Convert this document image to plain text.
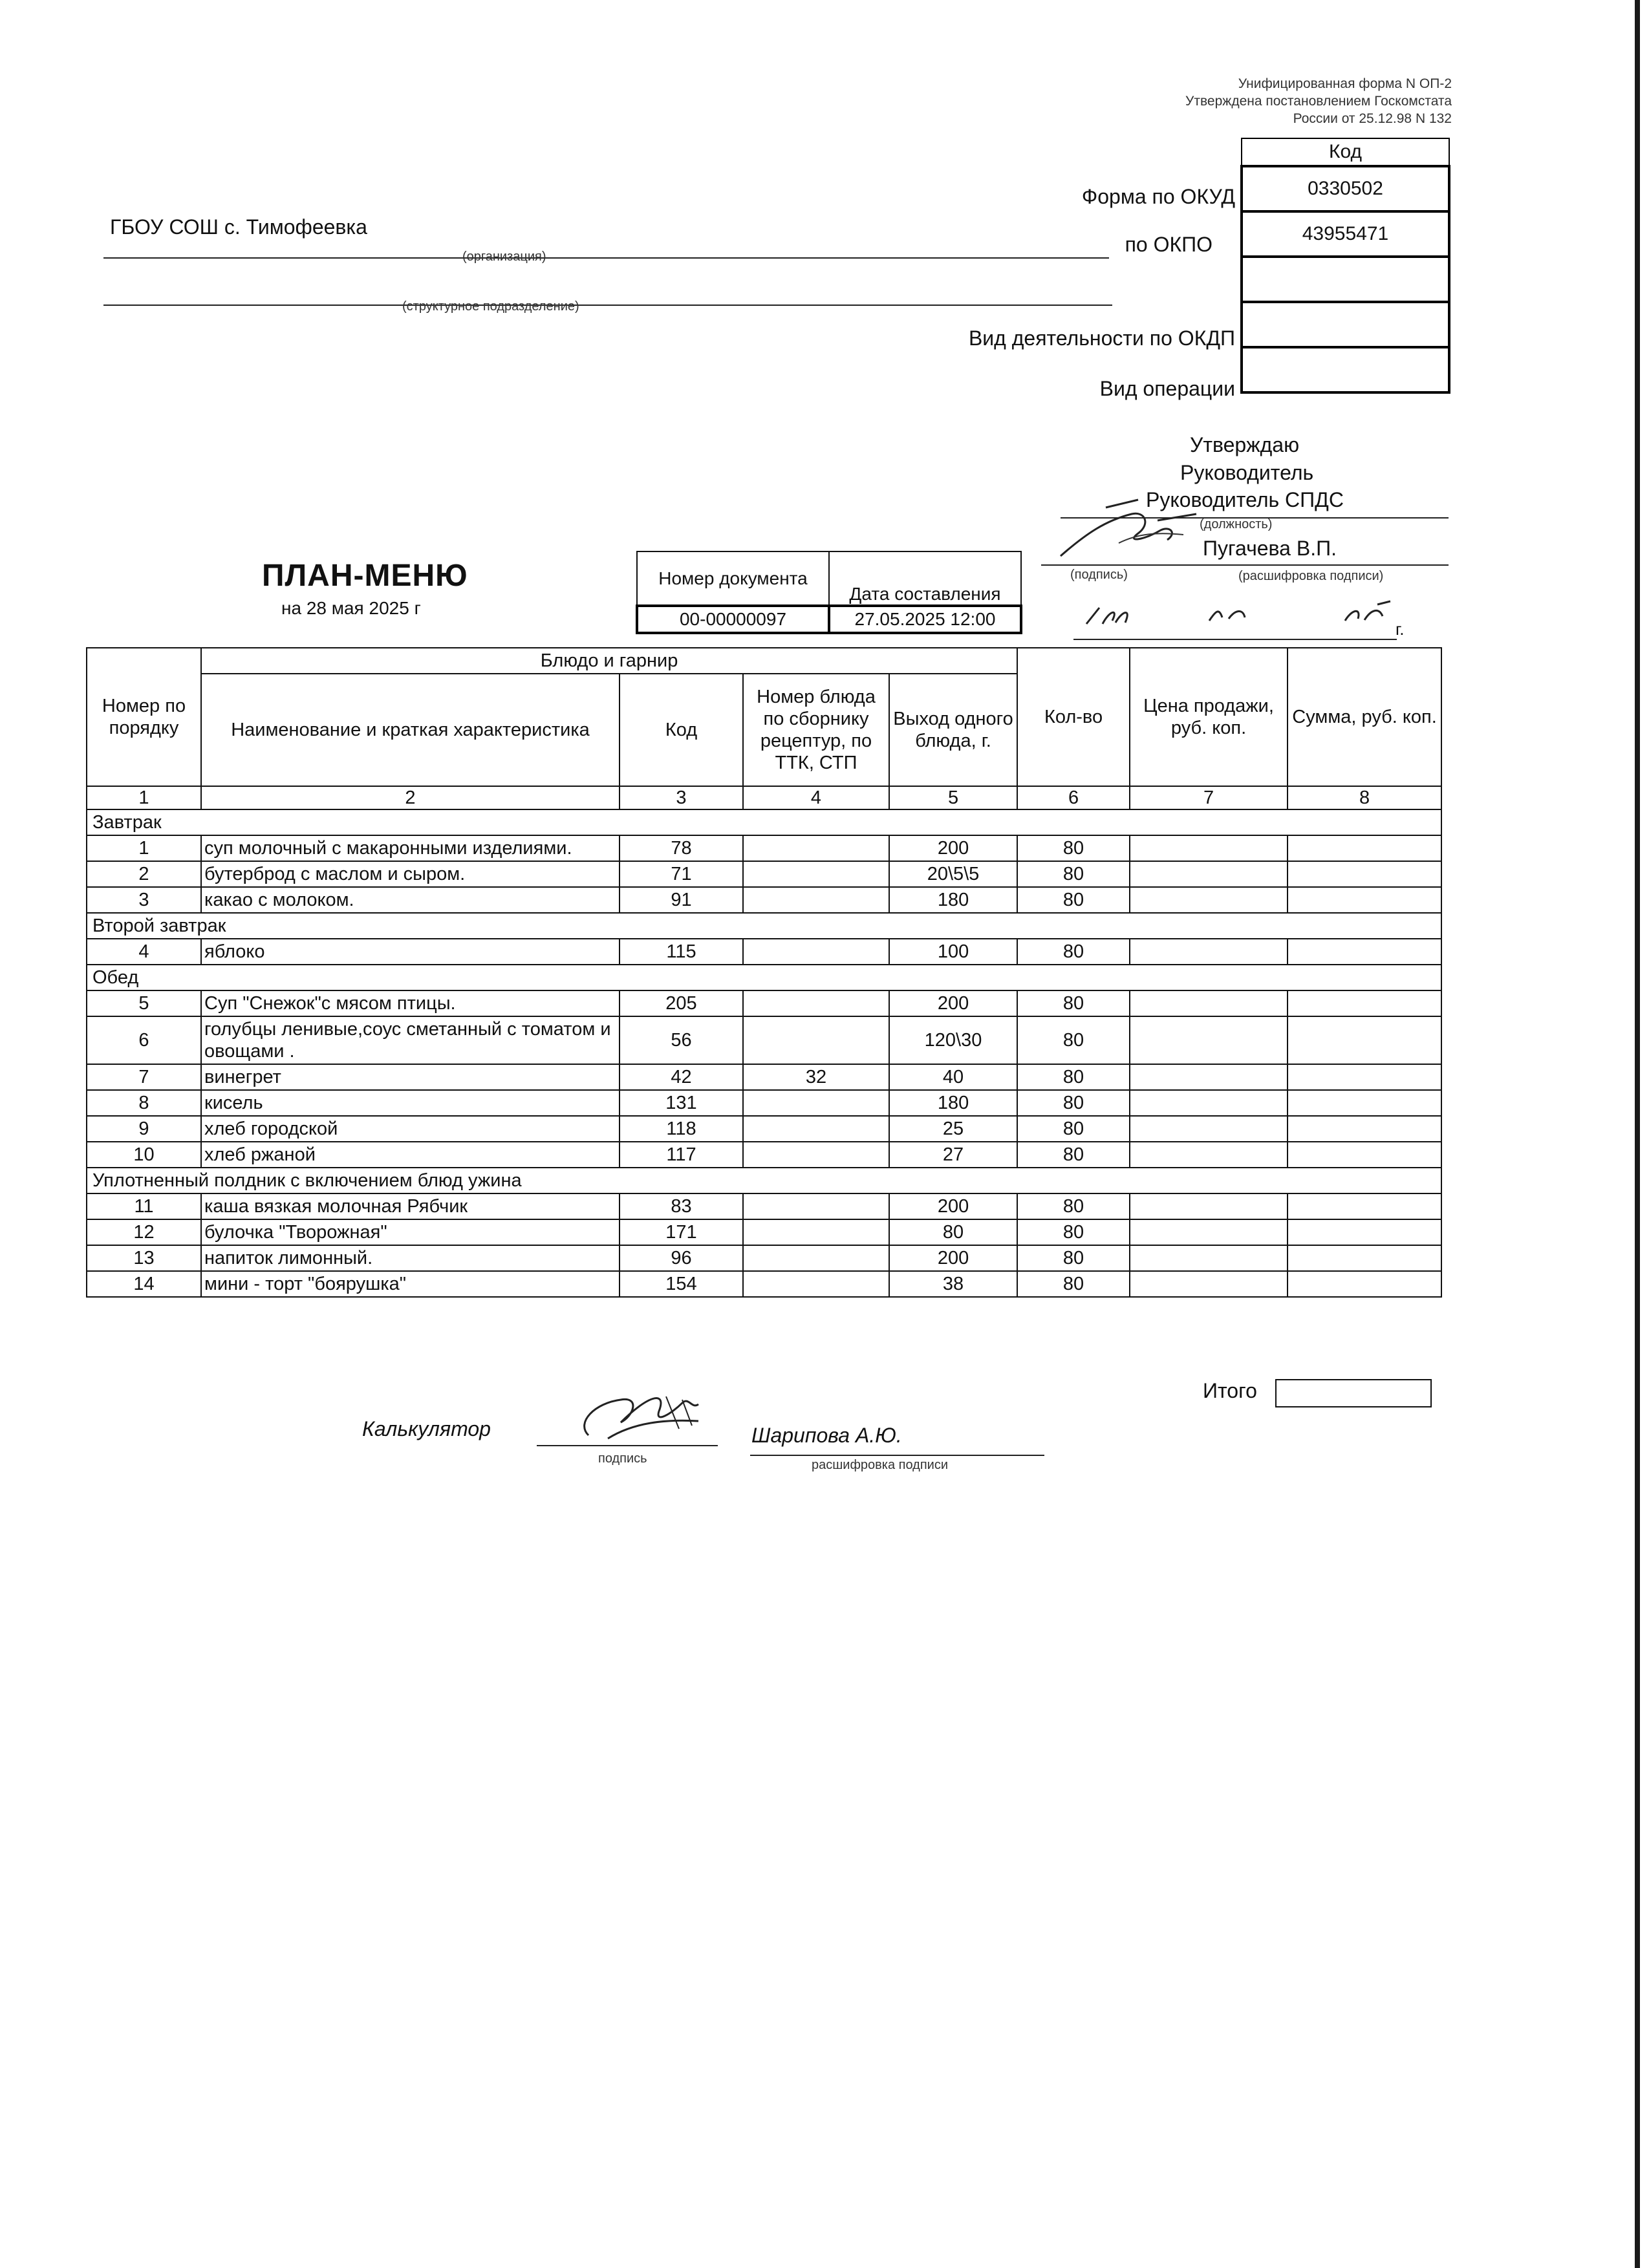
Унифицированная форма N ОП-2
Утверждена постановлением Госкомстата
России от 25.12.98 N 132
Код
0330502
43955471

Форма по ОКУД
по ОКПО
Вид деятельности по ОКДП
Вид операции
ГБОУ СОШ с. Тимофеевка
(организация)
(структурное подразделение)
Утверждаю
Руководитель
Руководитель СПДС
(должность)
Пугачева В.П.
(подпись)	(расшифровка подписи)
г.
ПЛАН-МЕНЮ
на 28 мая 2025 г
Номер документа	Дата составления
00-00000097	27.05.2025 12:00
Номер по порядку	Блюдо и гарнир				Кол-во	Цена продажи, руб. коп.	Сумма, руб. коп.
	Наименование и краткая характеристика	Код	Номер блюда по сборнику рецептур, по ТТК, СТП	Выход одного блюда, г.			
1	2	3	4	5	6	7	8
Завтрак							
1	суп молочный с макаронными изделиями.	78		200	80		
2	бутерброд с маслом и сыром.	71		20\5\5	80		
3	какао с молоком.	91		180	80		
Второй завтрак							
4	яблоко	115		100	80		
Обед							
5	Суп "Снежок"с мясом птицы.	205		200	80		
6	голубцы ленивые,соус сметанный с томатом и овощами .	56		120\30	80		
7	винегрет	42	32	40	80		
8	кисель	131		180	80		
9	хлеб городской	118		25	80		
10	хлеб ржаной	117		27	80		
Уплотненный полдник с включением блюд ужина							
11	каша вязкая молочная Рябчик	83		200	80		
12	булочка "Творожная"	171		80	80		
13	напиток лимонный.	96		200	80		
14	мини - торт "боярушка"	154		38	80		
Итого
Калькулятор
подпись
Шарипова А.Ю.
расшифровка подписи
